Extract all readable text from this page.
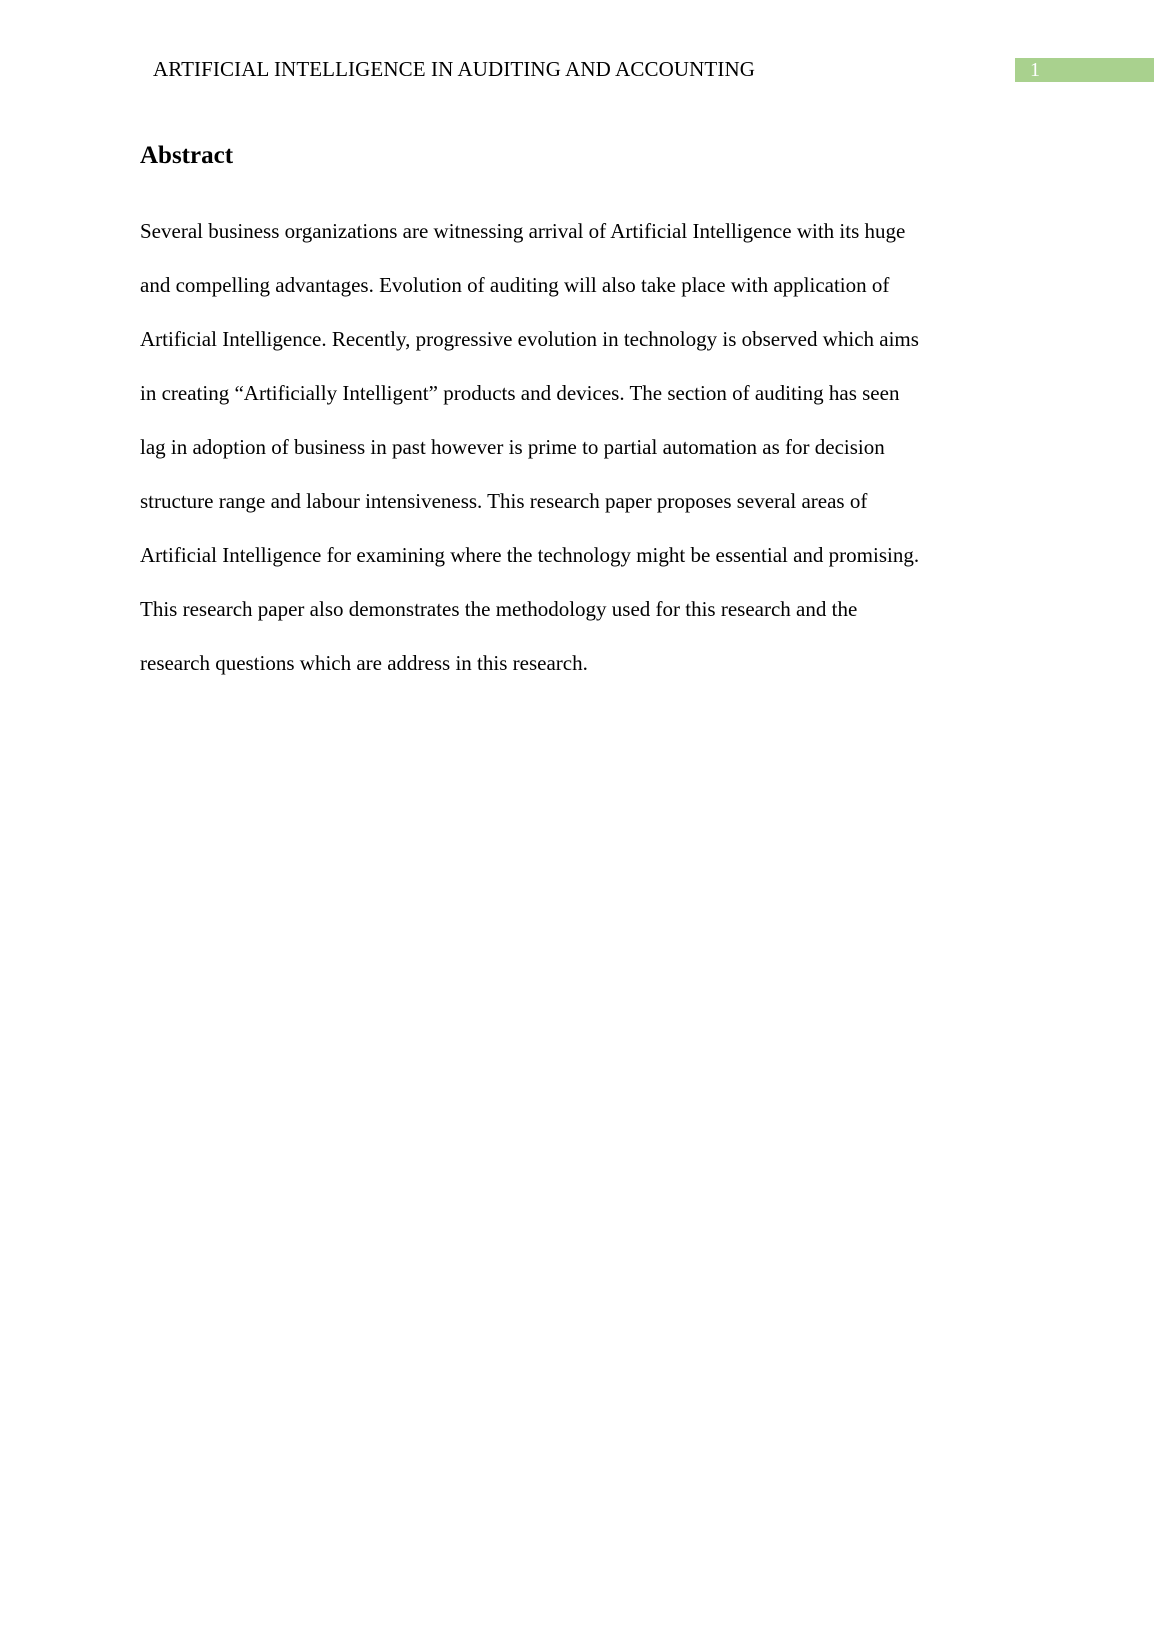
ARTIFICIAL INTELLIGENCE IN AUDITING AND ACCOUNTING	1
Abstract

Several business organizations are witnessing arrival of Artificial Intelligence with its huge
and compelling advantages. Evolution of auditing will also take place with application of
Artificial Intelligence. Recently, progressive evolution in technology is observed which aims
in creating “Artificially Intelligent” products and devices. The section of auditing has seen
lag in adoption of business in past however is prime to partial automation as for decision
structure range and labour intensiveness. This research paper proposes several areas of
Artificial Intelligence for examining where the technology might be essential and promising.
This research paper also demonstrates the methodology used for this research and the
research questions which are address in this research.
